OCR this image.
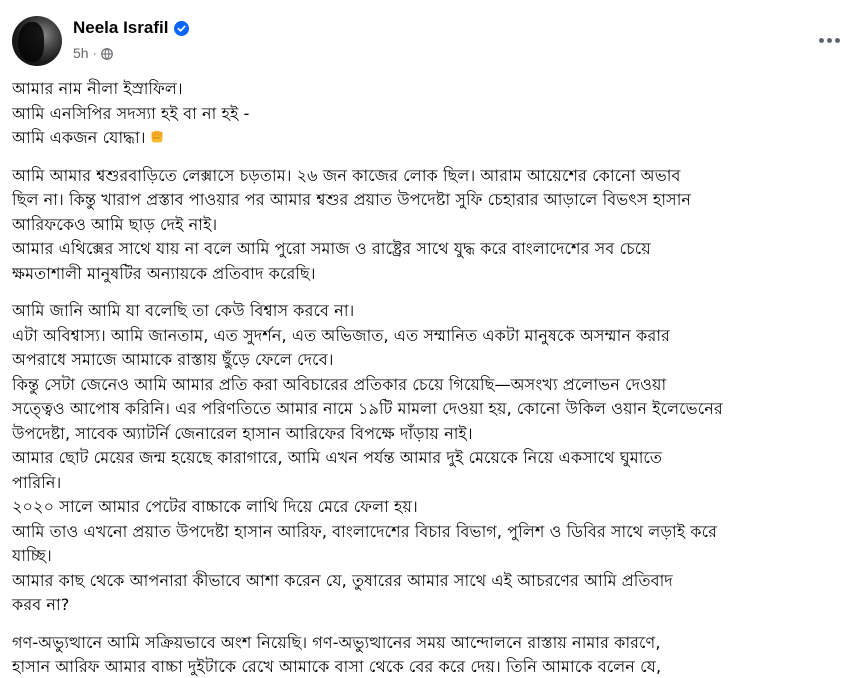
Neela Israfil
5h ·

আমার নাম নীলা ইস্রাফিল।
আমি এনসিপির সদস্যা হই বা না হই -
আমি একজন যোদ্ধা।

আমি আমার শ্বশুরবাড়িতে লেক্সাসে চড়তাম। ২৬ জন কাজের লোক ছিল। আরাম আয়েশের কোনো অভাব
ছিল না। কিন্তু খারাপ প্রস্তাব পাওয়ার পর আমার শ্বশুর প্রয়াত উপদেষ্টা সুফি চেহারার আড়ালে বিভৎস হাসান
আরিফকেও আমি ছাড় দেই নাই।
আমার এথিক্সের সাথে যায় না বলে আমি পুরো সমাজ ও রাষ্ট্রের সাথে যুদ্ধ করে বাংলাদেশের সব চেয়ে
ক্ষমতাশালী মানুষটির অন্যায়কে প্রতিবাদ করেছি।

আমি জানি আমি যা বলেছি তা কেউ বিশ্বাস করবে না।
এটা অবিশ্বাস্য। আমি জানতাম, এত সুদর্শন, এত অভিজাত, এত সম্মানিত একটা মানুষকে অসম্মান করার
অপরাধে সমাজে আমাকে রাস্তায় ছুঁড়ে ফেলে দেবে।
কিন্তু সেটা জেনেও আমি আমার প্রতি করা অবিচারের প্রতিকার চেয়ে গিয়েছি—অসংখ্য প্রলোভন দেওয়া
সত্ত্বেও আপোষ করিনি। এর পরিণতিতে আমার নামে ১৯টি মামলা দেওয়া হয়, কোনো উকিল ওয়ান ইলেভেনের
উপদেষ্টা, সাবেক অ্যাটর্নি জেনারেল হাসান আরিফের বিপক্ষে দাঁড়ায় নাই।
আমার ছোট মেয়ের জন্ম হয়েছে কারাগারে, আমি এখন পর্যন্ত আমার দুই মেয়েকে নিয়ে একসাথে ঘুমাতে
পারিনি।
২০২০ সালে আমার পেটের বাচ্চাকে লাথি দিয়ে মেরে ফেলা হয়।
আমি তাও এখনো প্রয়াত উপদেষ্টা হাসান আরিফ, বাংলাদেশের বিচার বিভাগ, পুলিশ ও ডিবির সাথে লড়াই করে
যাচ্ছি।
আমার কাছ থেকে আপনারা কীভাবে আশা করেন যে, তুষারের আমার সাথে এই আচরণের আমি প্রতিবাদ
করব না?

গণ-অভ্যুত্থানে আমি সক্রিয়ভাবে অংশ নিয়েছি। গণ-অভ্যুত্থানের সময় আন্দোলনে রাস্তায় নামার কারণে,
হাসান আরিফ আমার বাচ্চা দুইটাকে রেখে আমাকে বাসা থেকে বের করে দেয়। তিনি আমাকে বলেন যে,
